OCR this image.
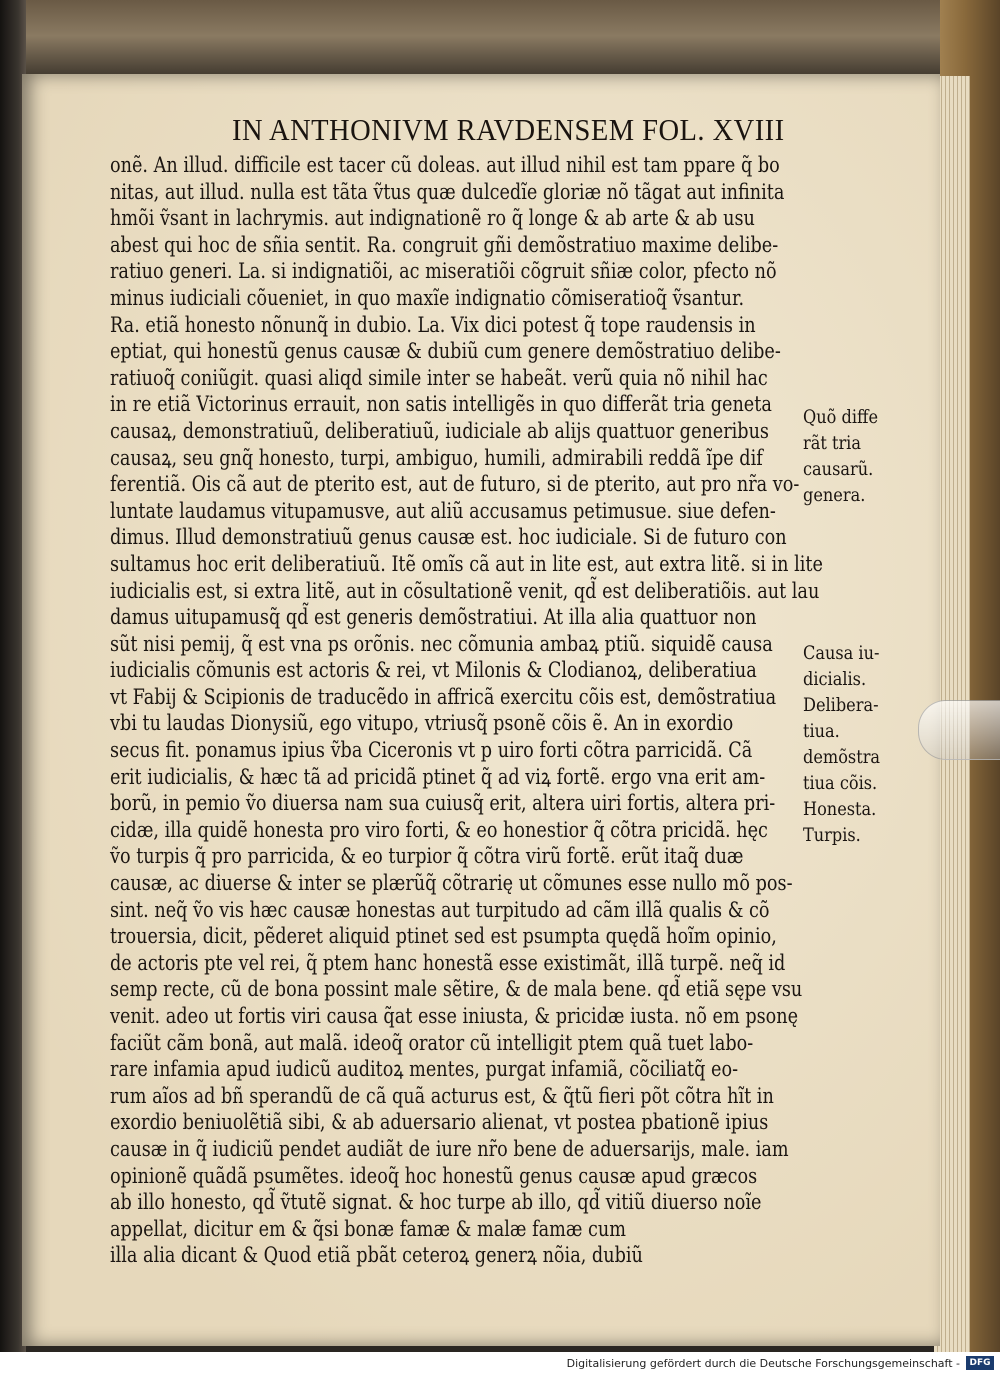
IN ANTHONIVM RAVDENSEM FOL. XVIII
onẽ. An illud. difficile est tacer cũ doleas. aut illud nihil est tam ppare q̃ bo
nitas, aut illud. nulla est tãta ṽtus quæ dulcedĩe gloriæ nõ tãgat aut infinita
hmõi ṽsant in lachrymis. aut indignationẽ ro q̃ longe & ab arte & ab usu
abest qui hoc de sñia sentit. Ra. congruit gñi demõstratiuo maxime delibe-
ratiuo generi. La. si indignatiõi, ac miseratiõi cõgruit sñiæ color, pfecto nõ
minus iudiciali cõueniet, in quo maxĩe indignatio cõmiseratioq̃ ṽsantur.
Ra. etiã honesto nõnunq̃ in dubio. La. Vix dici potest q̃ tope raudensis in
eptiat, qui honestũ genus causæ & dubiũ cum genere demõstratiuo delibe-
ratiuoq̃ coniũgit. quasi aliqd simile inter se habeãt. verũ quia nõ nihil hac
in re etiã Victorinus errauit, non satis intelligẽs in quo differãt tria geneta
causaꝝ, demonstratiuũ, deliberatiuũ, iudiciale ab alijs quattuor generibus
causaꝝ, seu gnq̃ honesto, turpi, ambiguo, humili, admirabili reddã ĩpe dif
ferentiã. Ois cã aut de pterito est, aut de futuro, si de pterito, aut pro nr̃a vo-
luntate laudamus vitupamusve, aut aliũ accusamus petimusue. siue defen-
dimus. Illud demonstratiuũ genus causæ est. hoc iudiciale. Si de futuro con
sultamus hoc erit deliberatiuũ. Itẽ omĩs cã aut in lite est, aut extra litẽ. si in lite
iudicialis est, si extra litẽ, aut in cõsultationẽ venit, qd̃ est deliberatiõis. aut lau
damus uitupamusq̃ qd̃ est generis demõstratiui. At illa alia quattuor non
sũt nisi pemij, q̃ est vna ps orõnis. nec cõmunia ambaꝝ ptiũ. siquidẽ causa
iudicialis cõmunis est actoris & rei, vt Milonis & Clodianoꝝ, deliberatiua
vt Fabij & Scipionis de traducẽdo in affricã exercitu cõis est, demõstratiua
vbi tu laudas Dionysiũ, ego vitupo, vtriusq̃ psonẽ cõis ẽ. An in exordio
secus fit. ponamus ipius ṽba Ciceronis vt p uiro forti cõtra parricidã. Cã
erit iudicialis, & hæc tã ad pricidã ptinet q̃ ad viꝝ fortẽ. ergo vna erit am-
borũ, in pemio ṽo diuersa nam sua cuiusq̃ erit, altera uiri fortis, altera pri-
cidæ, illa quidẽ honesta pro viro forti, & eo honestior q̃ cõtra pricidã. hęc
ṽo turpis q̃ pro parricida, & eo turpior q̃ cõtra virũ fortẽ. erũt itaq̃ duæ
causæ, ac diuerse & inter se plærũq̃ cõtrarię ut cõmunes esse nullo mõ pos-
sint. neq̃ ṽo vis hæc causæ honestas aut turpitudo ad cãm illã qualis & cõ
trouersia, dicit, pẽderet aliquid ptinet sed est psumpta quędã hoĩm opinio,
de actoris pte vel rei, q̃ ptem hanc honestã esse existimãt, illã turpẽ. neq̃ id
semp recte, cũ de bona possint male sẽtire, & de mala bene. qd̃ etiã sępe vsu
venit. adeo ut fortis viri causa q̃at esse iniusta, & pricidæ iusta. nõ em psonę
faciũt cãm bonã, aut malã. ideoq̃ orator cũ intelligit ptem quã tuet labo-
rare infamia apud iudicũ auditoꝝ mentes, purgat infamiã, cõciliatq̃ eo-
rum aĩos ad bñ sperandũ de cã quã acturus est, & q̃tũ fieri põt cõtra hĩt in
exordio beniuolẽtiã sibi, & ab aduersario alienat, vt postea pbationẽ ipius
causæ in q̃ iudiciũ pendet audiãt de iure nr̃o bene de aduersarijs, male. iam
opinionẽ quãdã psumẽtes. ideoq̃ hoc honestũ genus causæ apud græcos
ab illo honesto, qd̃ ṽtutẽ signat. & hoc turpe ab illo, qd̃ vitiũ diuerso noĩe
appellat, dicitur em & q̃si bonæ famæ & malæ famæ cum
illa alia dicant & Quod etiã pbãt ceteroꝝ generꝝ nõia, dubiũ
Quõ diffe
rãt tria
causarũ.
genera.
Causa iu-
dicialis.
Delibera-
tiua.
demõstra
tiua cõis.
Honesta.
Turpis.
Digitalisierung gefördert durch die Deutsche Forschungsgemeinschaft -	DFG
